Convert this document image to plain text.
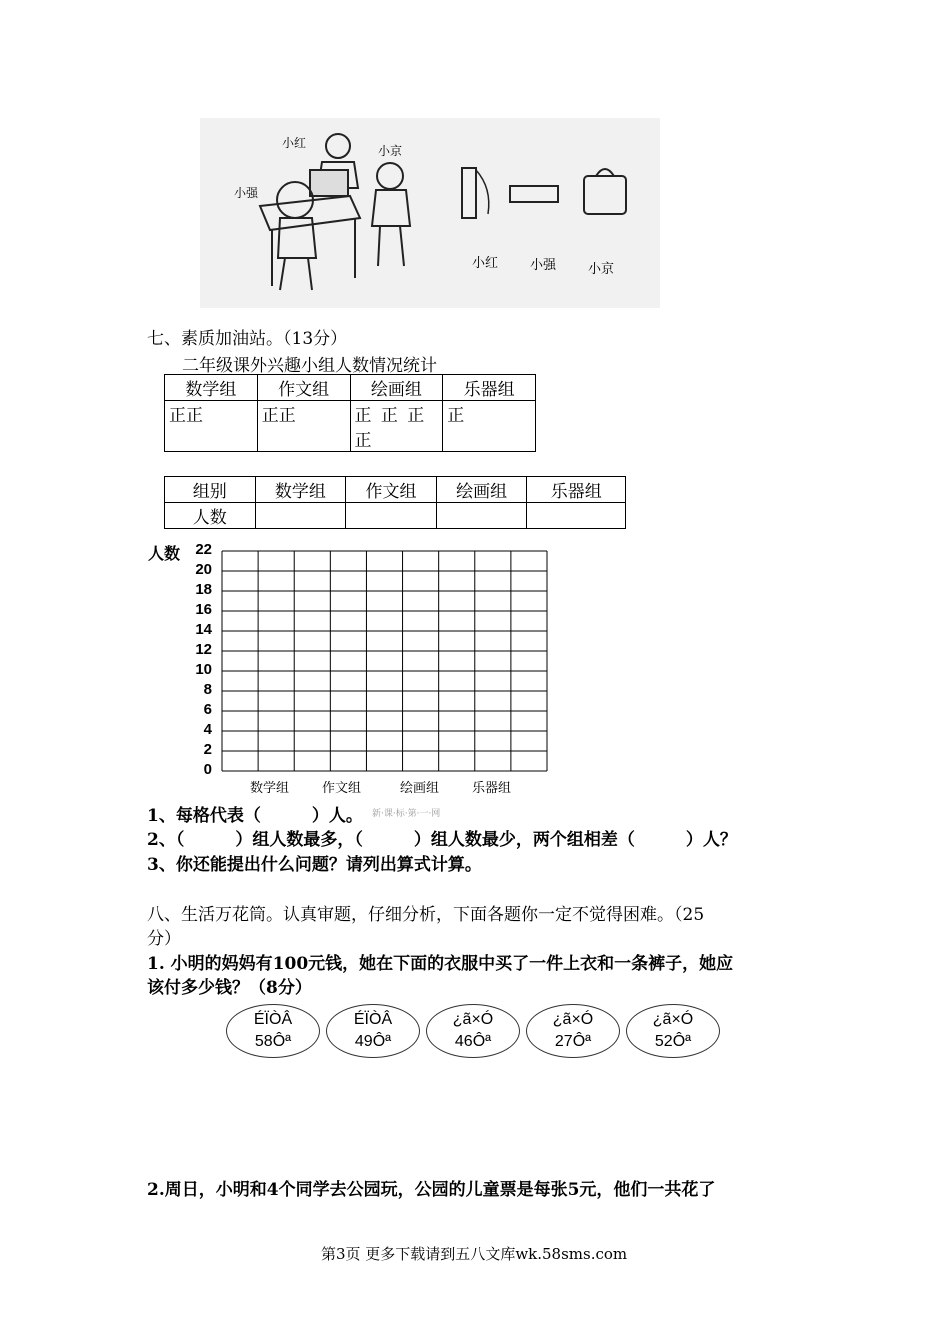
小红
小京
小强
小红 小强 小京
七、素质加油站。（13分）
二年级课外兴趣小组人数情况统计
数学组	作文组	绘画组	乐器组
正正	正正	正 正 正 正	正
组别	数学组	作文组	绘画组	乐器组
人数				
人数	22
20
18
16
14
12
10
8
6
4
2
0
数学组	作文组	绘画组	乐器组
1、每格代表（　　　）人。 新·课·标·第·一·网
2、（　　　）组人数最多，（　　　）组人数最少，两个组相差（　　　）人？
3、你还能提出什么问题？请列出算式计算。
八、生活万花筒。认真审题，仔细分析，下面各题你一定不觉得困难。（25
分）
1. 小明的妈妈有100元钱，她在下面的衣服中买了一件上衣和一条裤子，她应
该付多少钱？（8分）
ÉÏÒÂ
58Ôª
ÉÏÒÂ
49Ôª
¿ã×Ó
46Ôª
¿ã×Ó
27Ôª
¿ã×Ó
52Ôª
2.周日，小明和4个同学去公园玩，公园的儿童票是每张5元，他们一共花了
第3页 更多下载请到五八文库wk.58sms.com
